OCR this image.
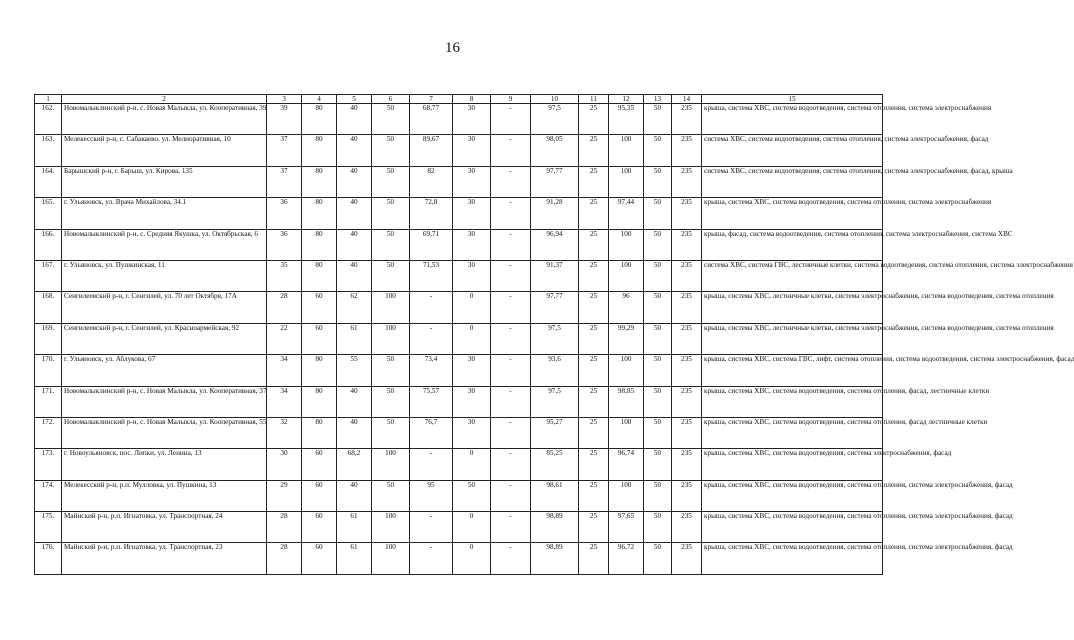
16
1	2	3	4	5	6	7	8	9	10	11	12	13	14	15
162.	Новомалыклинский р-н, с. Новая Малыкла, ул. Кооперативная, 39	39	80	40	50	68,77	30	-	97,5	25	95,35	50	235	крыша, система ХВС, система водоотведения, система отопления, система электроснабжения
163.	Мелекесский р-н, с. Сабакаево, ул. Мелиоративная, 10	37	80	40	50	89,67	30	-	98,05	25	100	50	235	система ХВС, система водоотведения, система отопления, система электроснабжения, фасад
164.	Барышский р-н, г. Барыш, ул. Кирова, 135	37	80	40	50	82	30	-	97,77	25	100	50	235	система ХВС, система водоотведения, система отопления, система электроснабжения, фасад, крыша
165.	г. Ульяновск, ул. Врача Михайлова, 34.1	36	80	40	50	72,8	30	-	91,28	25	97,44	50	235	крыша, система ХВС, система водоотведения, система отопления, система электроснабжения
166.	Новомалыклинский р-н, с. Средняя Якушка, ул. Октябрьская, 6	36	80	40	50	69,71	30	-	96,94	25	100	50	235	крыша, фасад, система водоотведения, система отопления, система электроснабжения, система ХВС
167.	г. Ульяновск, ул. Пушкинская, 11	35	80	40	50	71,53	30	-	91,37	25	100	50	235	система ХВС, система ГВС, лестничные клетки, система водоотведения, система отопления, система электроснабжения
168.	Сенгилеевский р-н, г. Сенгилей, ул. 70 лет Октября, 17А	28	60	62	100	-	0	-	97,77	25	96	50	235	крыша, система ХВС, лестничные клетки, система электроснабжения, система водоотведения, система отопления
169.	Сенгилеевский р-н, г. Сенгилей, ул. Красноармейская, 92	22	60	61	100	-	0	-	97,5	25	99,29	50	235	крыша, система ХВС, лестничные клетки, система электроснабжения, система водоотведения, система отопления
170.	г. Ульяновск, ул. Аблукова, 67	34	80	55	50	73,4	30	-	93,6	25	100	50	235	крыша, система ХВС, система ГВС, лифт, система отопления, система водоотведения, система электроснабжения, фасад
171.	Новомалыклинский р-н, с. Новая Малыкла, ул. Кооперативная, 37	34	80	40	50	75,57	30	-	97,5	25	98,85	50	235	крыша, система ХВС, система водоотведения, система отопления, фасад, лестничные клетки
172.	Новомалыклинский р-н, с. Новая Малыкла, ул. Кооперативная, 55	32	80	40	50	76,7	30	-	95,27	25	100	50	235	крыша, система ХВС, система водоотведения, система отопления, фасад лестничные клетки
173.	г. Новоульяновск, пос. Липки, ул. Ленина, 13	30	60	68,2	100	-	0	-	85,25	25	96,74	50	235	крыша, система ХВС, система водоотведения, система электроснабжения, фасад
174.	Мелекесский р-н, р.п. Мулловка, ул. Пушкина, 13	29	60	40	50	95	50	-	98,61	25	100	50	235	крыша, система ХВС, система водоотведения, система отопления, система электроснабжения, фасад
175.	Майнский р-н, р.п. Игнатовка, ул. Транспортная, 24	28	60	61	100	-	0	-	98,89	25	97,65	50	235	крыша, система ХВС, система водоотведения, система отопления, система электроснабжения, фасад
176.	Майнский р-н, р.п. Игнатовка, ул. Транспортная, 23	28	60	61	100	-	0	-	98,89	25	96,72	50	235	крыша, система ХВС, система водоотведения, система отопления, система электроснабжения, фасад
